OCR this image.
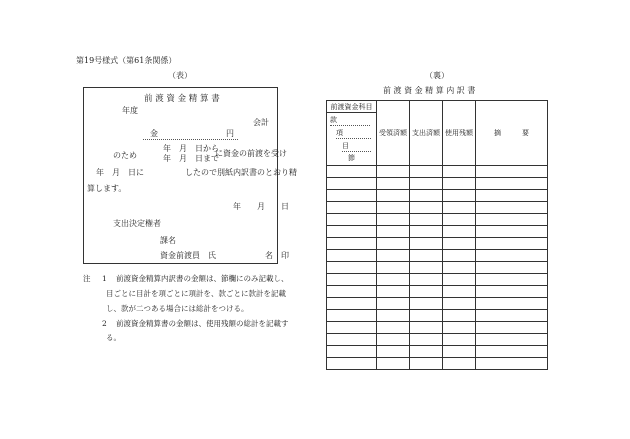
第19号様式（第61条関係）
（表）
前 渡 資 金 精 算 書
年度
会計
金	円
のため
年　月　日から
年　月　日まで
に資金の前渡を受け
年　月　日に	したので別紙内訳書のとおり精
算します。
年　　月　　日
支出決定権者
課名
資金前渡員　氏	名　印
注 1 前渡資金精算内訳書の金額は、節欄にのみ記載し、
目ごとに目計を項ごとに項計を、款ごとに款計を記載
し、款が二つある場合には総計をつける。
2 前渡資金精算書の金額は、使用残額の総計を記載す
る。
（裏）
前 渡 資 金 精 算 内 訳 書
前渡資金科目	受領済額	支出済額	使用残額	摘　　　要

款
項
目
節				
